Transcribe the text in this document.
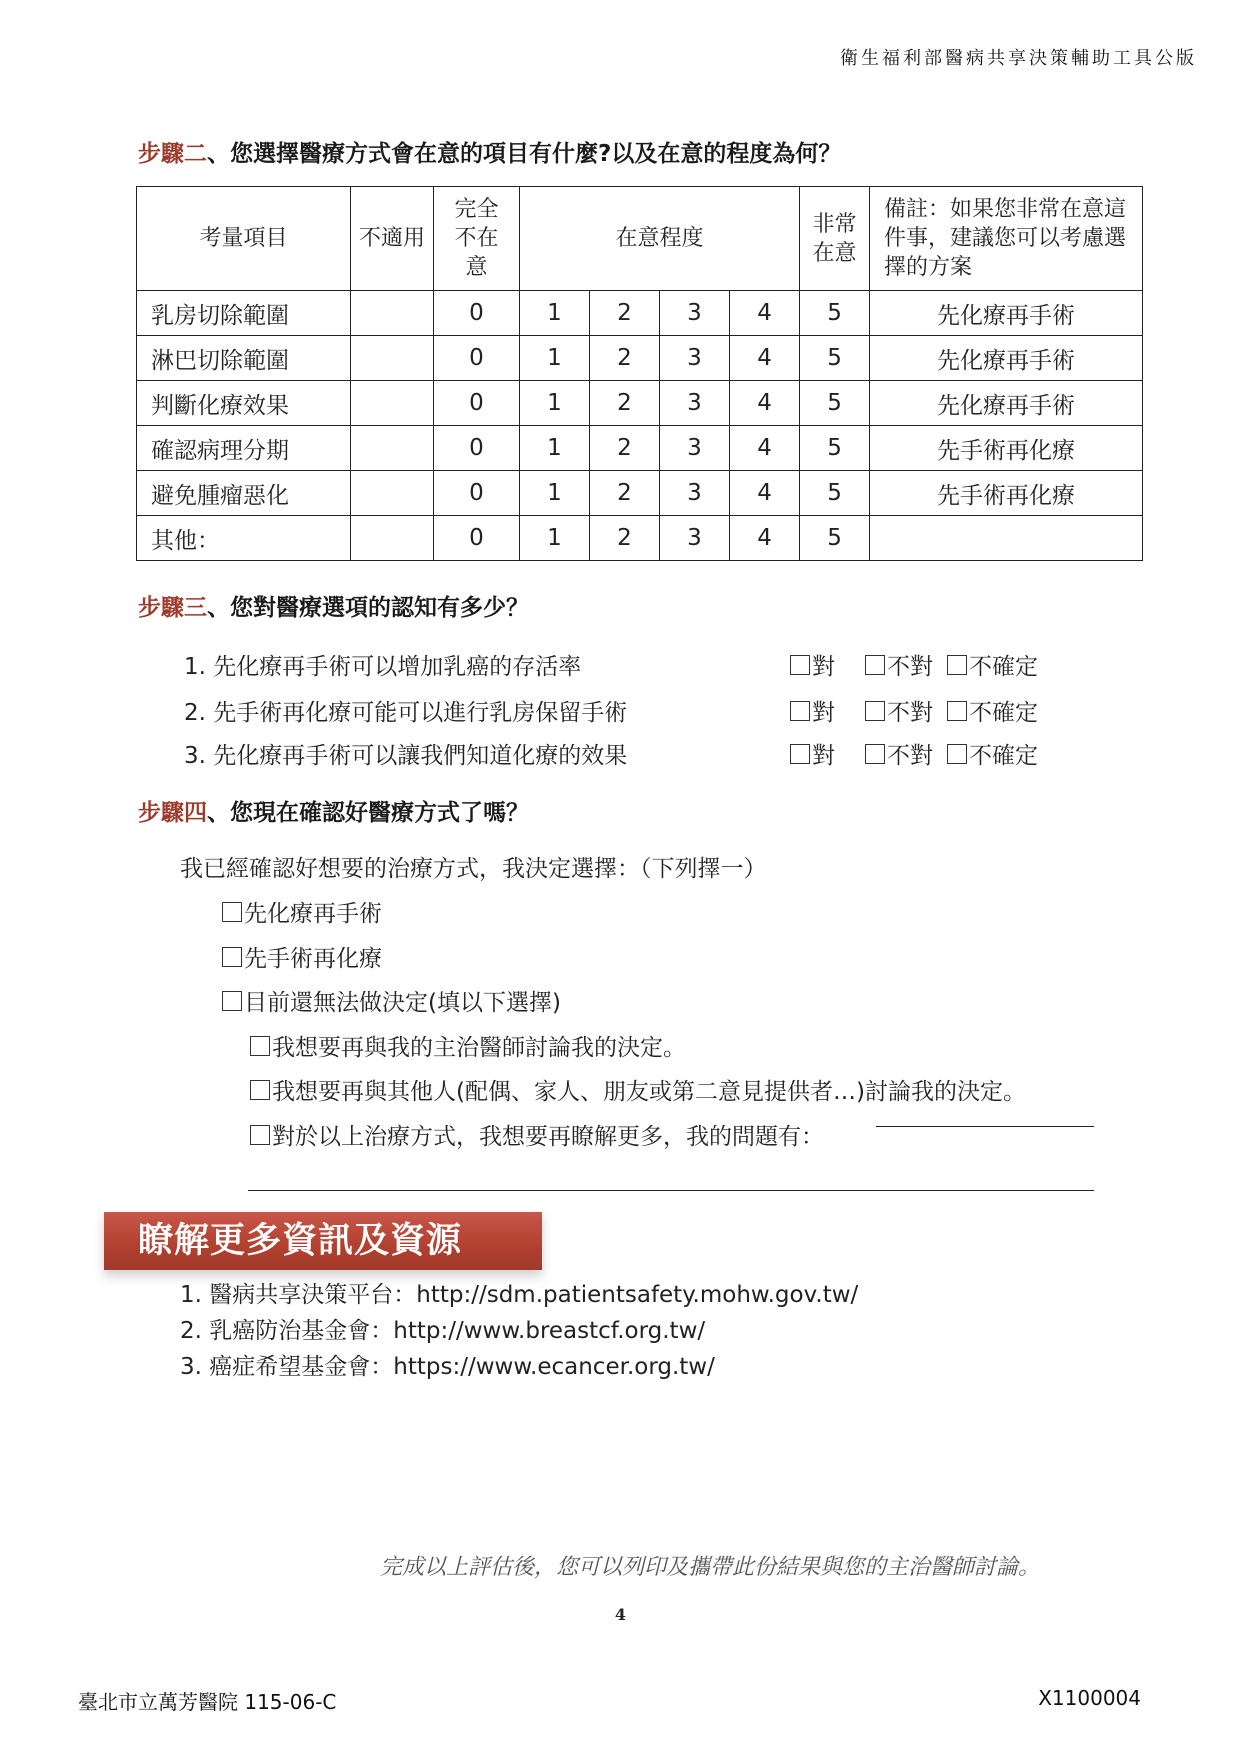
衛生福利部醫病共享決策輔助工具公版
步驟二、您選擇醫療方式會在意的項目有什麼?以及在意的程度為何？
考量項目	不適用	完全不在意	在意程度				非常在意	備註：如果您非常在意這件事，建議您可以考慮選擇的方案
乳房切除範圍		0	1	2	3	4	5	先化療再手術
淋巴切除範圍		0	1	2	3	4	5	先化療再手術
判斷化療效果		0	1	2	3	4	5	先化療再手術
確認病理分期		0	1	2	3	4	5	先手術再化療
避免腫瘤惡化		0	1	2	3	4	5	先手術再化療
其他：		0	1	2	3	4	5	
步驟三、您對醫療選項的認知有多少？
1. 先化療再手術可以增加乳癌的存活率	對 不對 不確定
2. 先手術再化療可能可以進行乳房保留手術	對 不對 不確定
3. 先化療再手術可以讓我們知道化療的效果	對 不對 不確定
步驟四、您現在確認好醫療方式了嗎？
我已經確認好想要的治療方式，我決定選擇：（下列擇一）
先化療再手術
先手術再化療
目前還無法做決定(填以下選擇)
我想要再與我的主治醫師討論我的決定。
我想要再與其他人(配偶、家人、朋友或第二意見提供者…)討論我的決定。
對於以上治療方式，我想要再瞭解更多，我的問題有：
瞭解更多資訊及資源
1. 醫病共享決策平台：http://sdm.patientsafety.mohw.gov.tw/
2. 乳癌防治基金會：http://www.breastcf.org.tw/
3. 癌症希望基金會：https://www.ecancer.org.tw/
完成以上評估後，您可以列印及攜帶此份結果與您的主治醫師討論。
4
臺北市立萬芳醫院 115-06-C	X1100004
